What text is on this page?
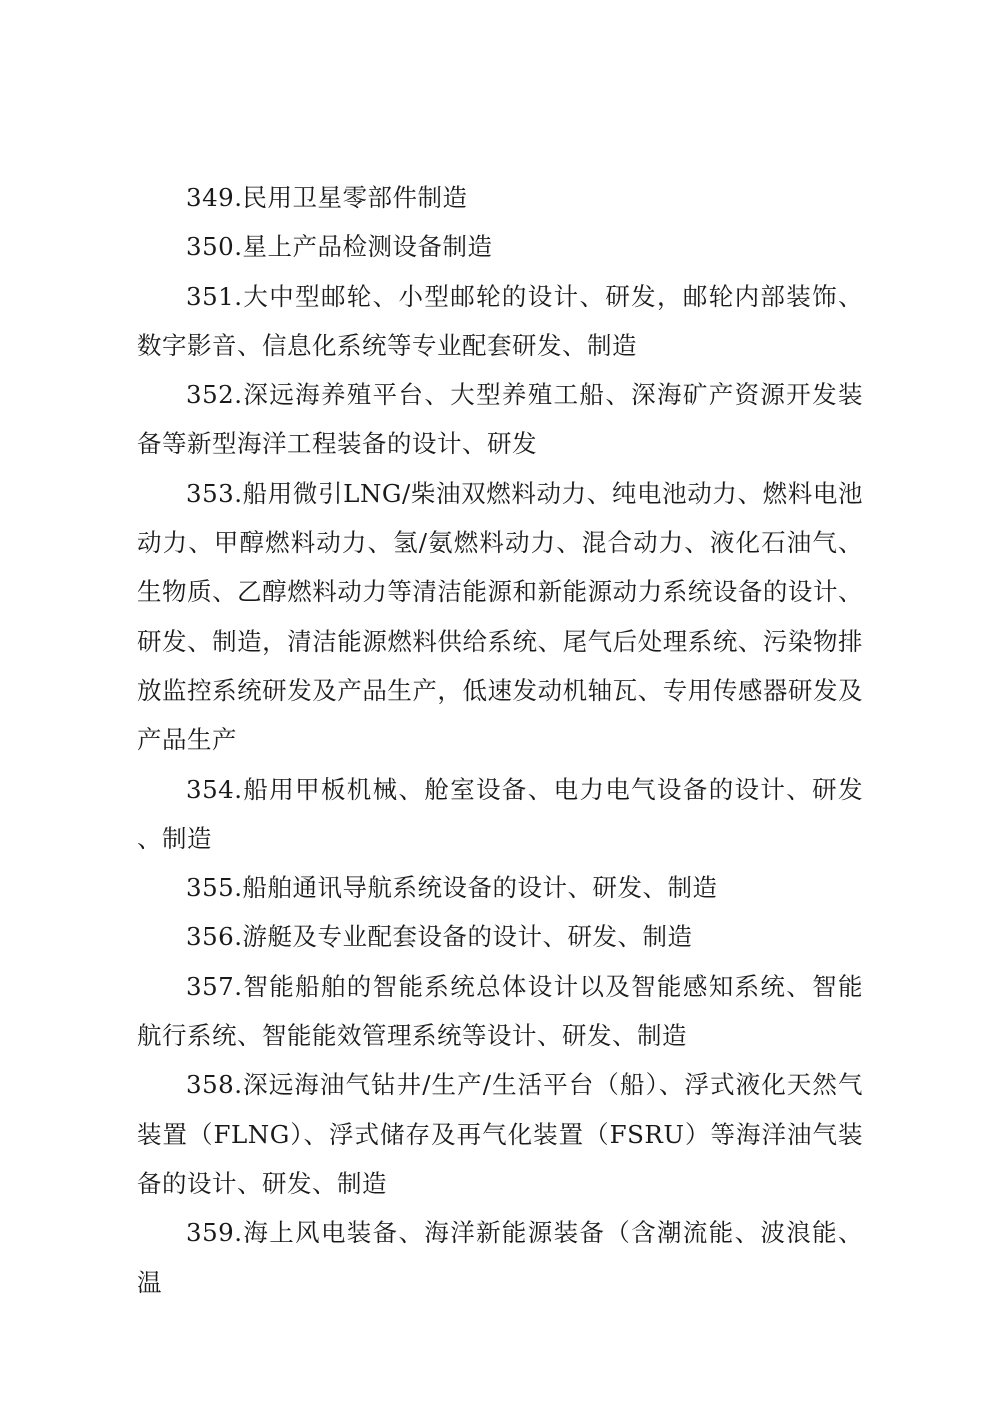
349.民用卫星零部件制造

350.星上产品检测设备制造

351.大中型邮轮、小型邮轮的设计、研发，邮轮内部装饰、数字影音、信息化系统等专业配套研发、制造

352.深远海养殖平台、大型养殖工船、深海矿产资源开发装备等新型海洋工程装备的设计、研发

353.船用微引LNG/柴油双燃料动力、纯电池动力、燃料电池动力、甲醇燃料动力、氢/氨燃料动力、混合动力、液化石油气、生物质、乙醇燃料动力等清洁能源和新能源动力系统设备的设计、研发、制造，清洁能源燃料供给系统、尾气后处理系统、污染物排放监控系统研发及产品生产，低速发动机轴瓦、专用传感器研发及产品生产

354.船用甲板机械、舱室设备、电力电气设备的设计、研发、制造

355.船舶通讯导航系统设备的设计、研发、制造

356.游艇及专业配套设备的设计、研发、制造

357.智能船舶的智能系统总体设计以及智能感知系统、智能航行系统、智能能效管理系统等设计、研发、制造

358.深远海油气钻井/生产/生活平台（船）、浮式液化天然气装置（FLNG）、浮式储存及再气化装置（FSRU）等海洋油气装备的设计、研发、制造

359.海上风电装备、海洋新能源装备（含潮流能、波浪能、温
